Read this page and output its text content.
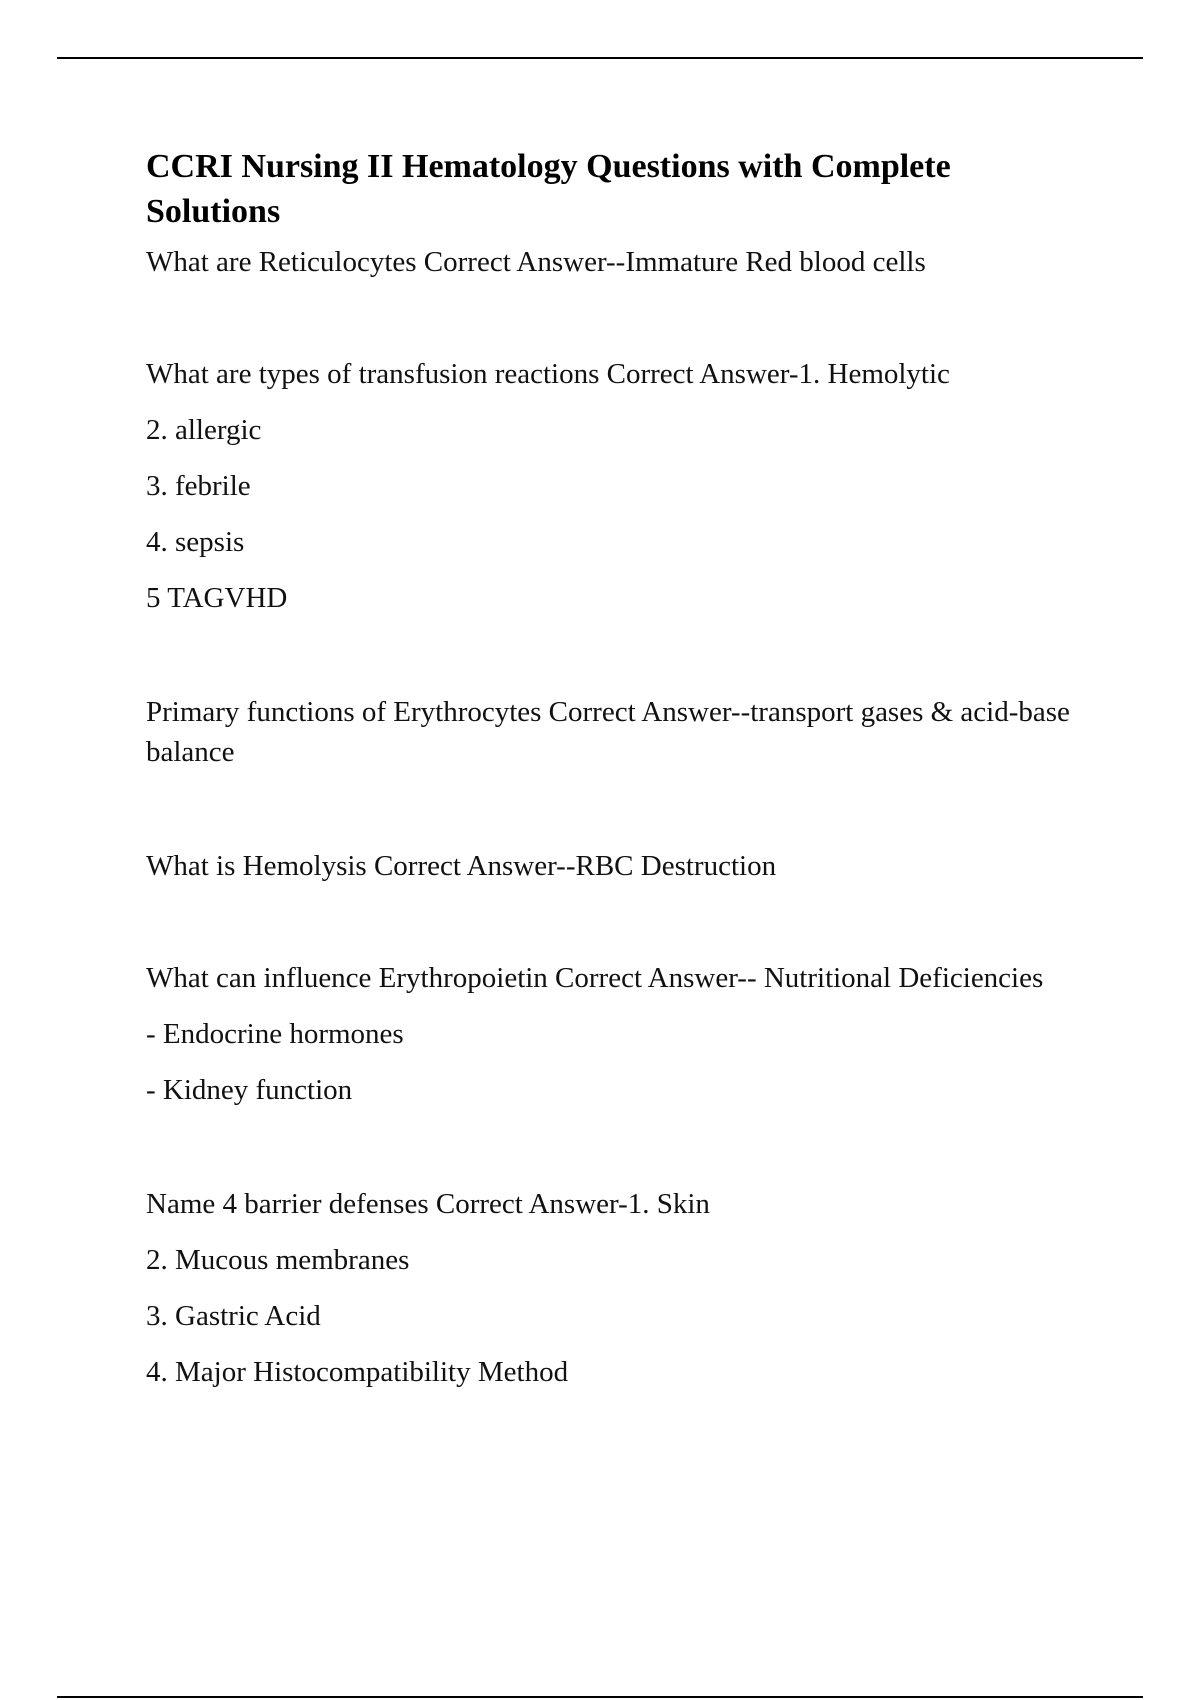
CCRI Nursing II Hematology Questions with Complete Solutions

What are Reticulocytes Correct Answer--Immature Red blood cells

What are types of transfusion reactions Correct Answer-1. Hemolytic

2. allergic

3. febrile

4. sepsis

5 TAGVHD

Primary functions of Erythrocytes Correct Answer--transport gases & acid-base balance

What is Hemolysis Correct Answer--RBC Destruction

What can influence Erythropoietin Correct Answer-- Nutritional Deficiencies

- Endocrine hormones

- Kidney function

Name 4 barrier defenses Correct Answer-1. Skin

2. Mucous membranes

3. Gastric Acid

4. Major Histocompatibility Method
